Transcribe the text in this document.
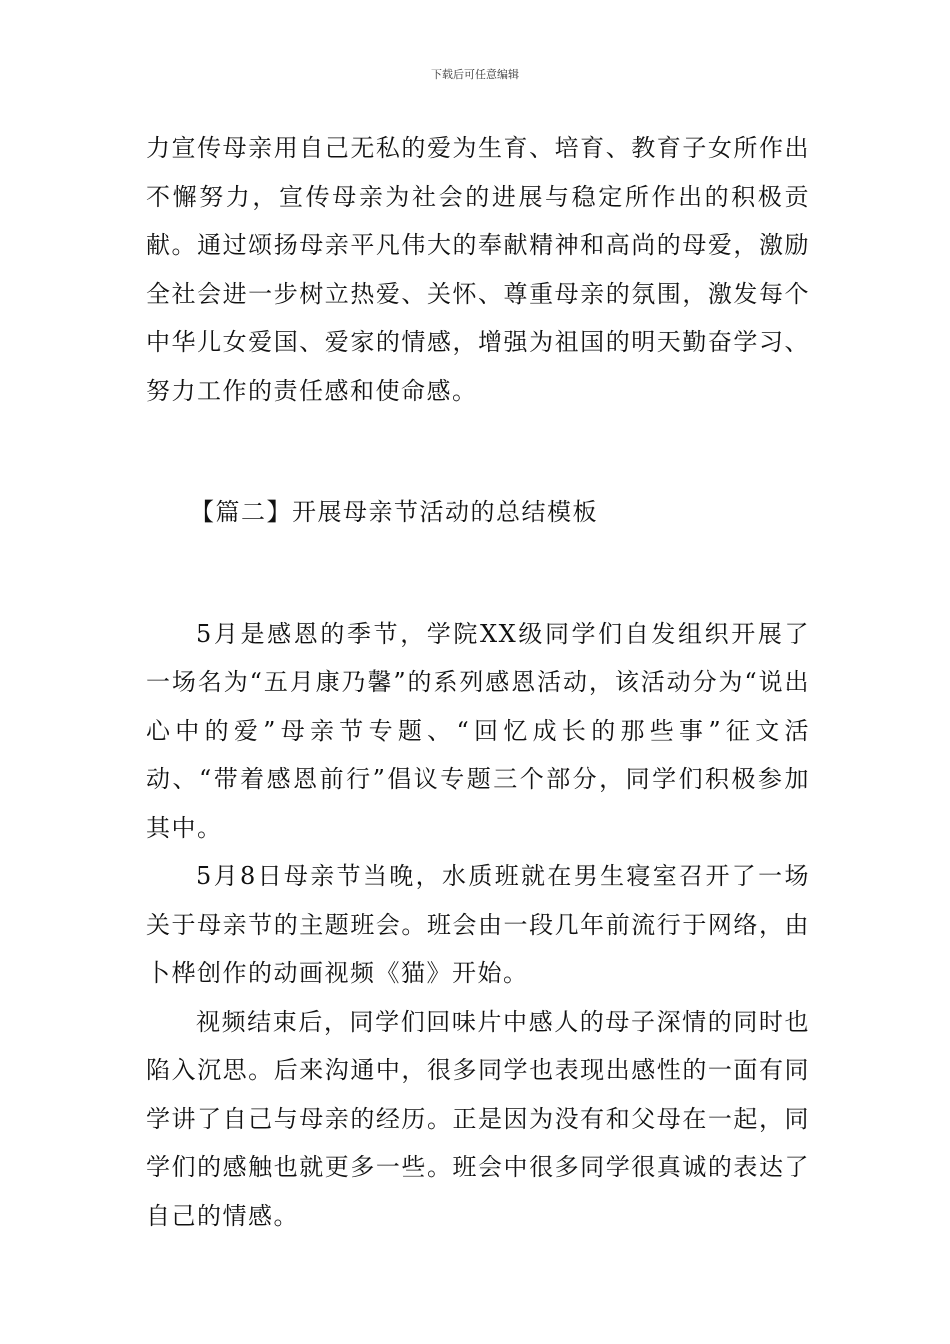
下载后可任意编辑

力宣传母亲用自己无私的爱为生育、培育、教育子女所作出不懈努力，宣传母亲为社会的进展与稳定所作出的积极贡献。通过颂扬母亲平凡伟大的奉献精神和高尚的母爱，激励全社会进一步树立热爱、关怀、尊重母亲的氛围，激发每个中华儿女爱国、爱家的情感，增强为祖国的明天勤奋学习、努力工作的责任感和使命感。

【篇二】开展母亲节活动的总结模板

5月是感恩的季节，学院XX级同学们自发组织开展了一场名为“五月康乃馨”的系列感恩活动，该活动分为“说出心中的爱”母亲节专题、“回忆成长的那些事”征文活动、“带着感恩前行”倡议专题三个部分，同学们积极参加其中。

5月8日母亲节当晚，水质班就在男生寝室召开了一场关于母亲节的主题班会。班会由一段几年前流行于网络，由卜桦创作的动画视频《猫》开始。

视频结束后，同学们回味片中感人的母子深情的同时也陷入沉思。后来沟通中，很多同学也表现出感性的一面有同学讲了自己与母亲的经历。正是因为没有和父母在一起，同学们的感触也就更多一些。班会中很多同学很真诚的表达了自己的情感。
